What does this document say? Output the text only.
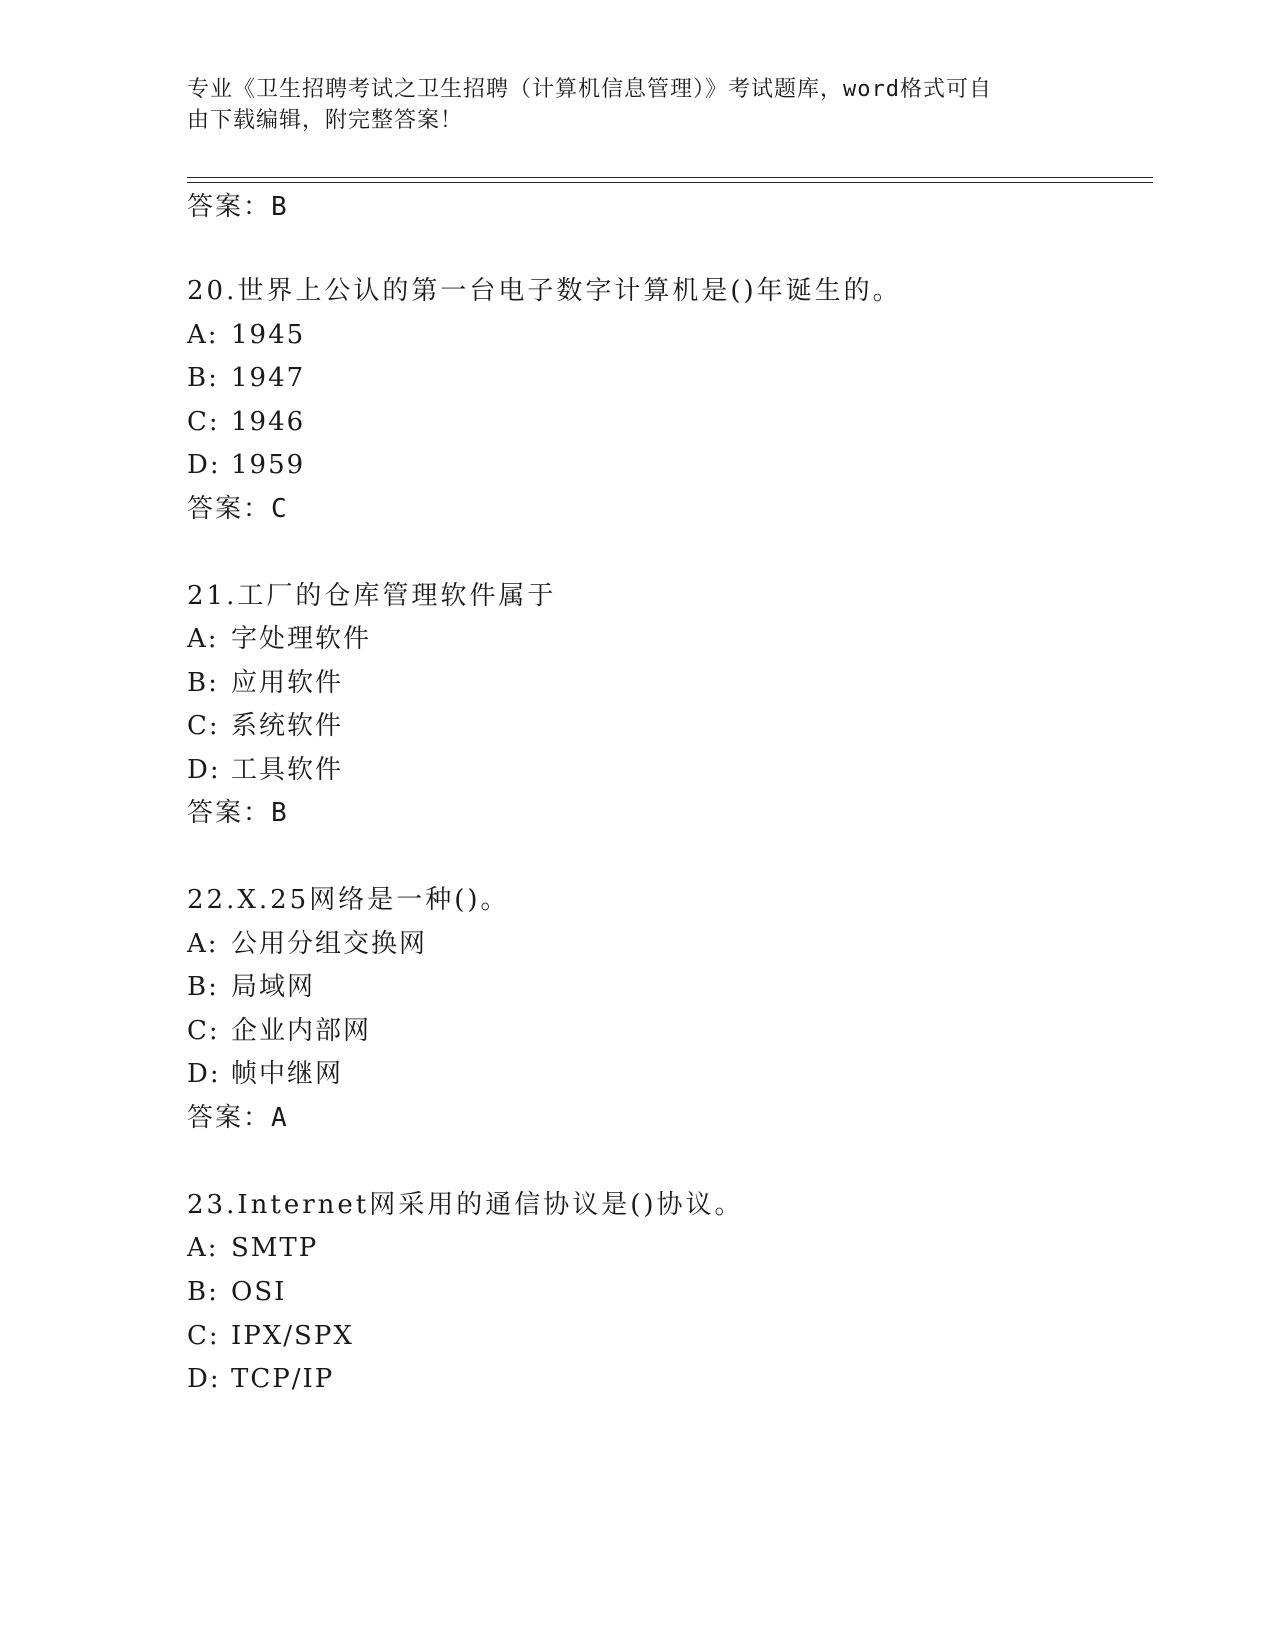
专业《卫生招聘考试之卫生招聘（计算机信息管理）》考试题库，word格式可自
由下载编辑，附完整答案！
答案：B
20.世界上公认的第一台电子数字计算机是()年诞生的。
A: 1945
B: 1947
C: 1946
D: 1959
答案：C
21.工厂的仓库管理软件属于
A: 字处理软件
B: 应用软件
C: 系统软件
D: 工具软件
答案：B
22.X.25网络是一种()。
A: 公用分组交换网
B: 局域网
C: 企业内部网
D: 帧中继网
答案：A
23.Internet网采用的通信协议是()协议。
A: SMTP
B: OSI
C: IPX/SPX
D: TCP/IP
